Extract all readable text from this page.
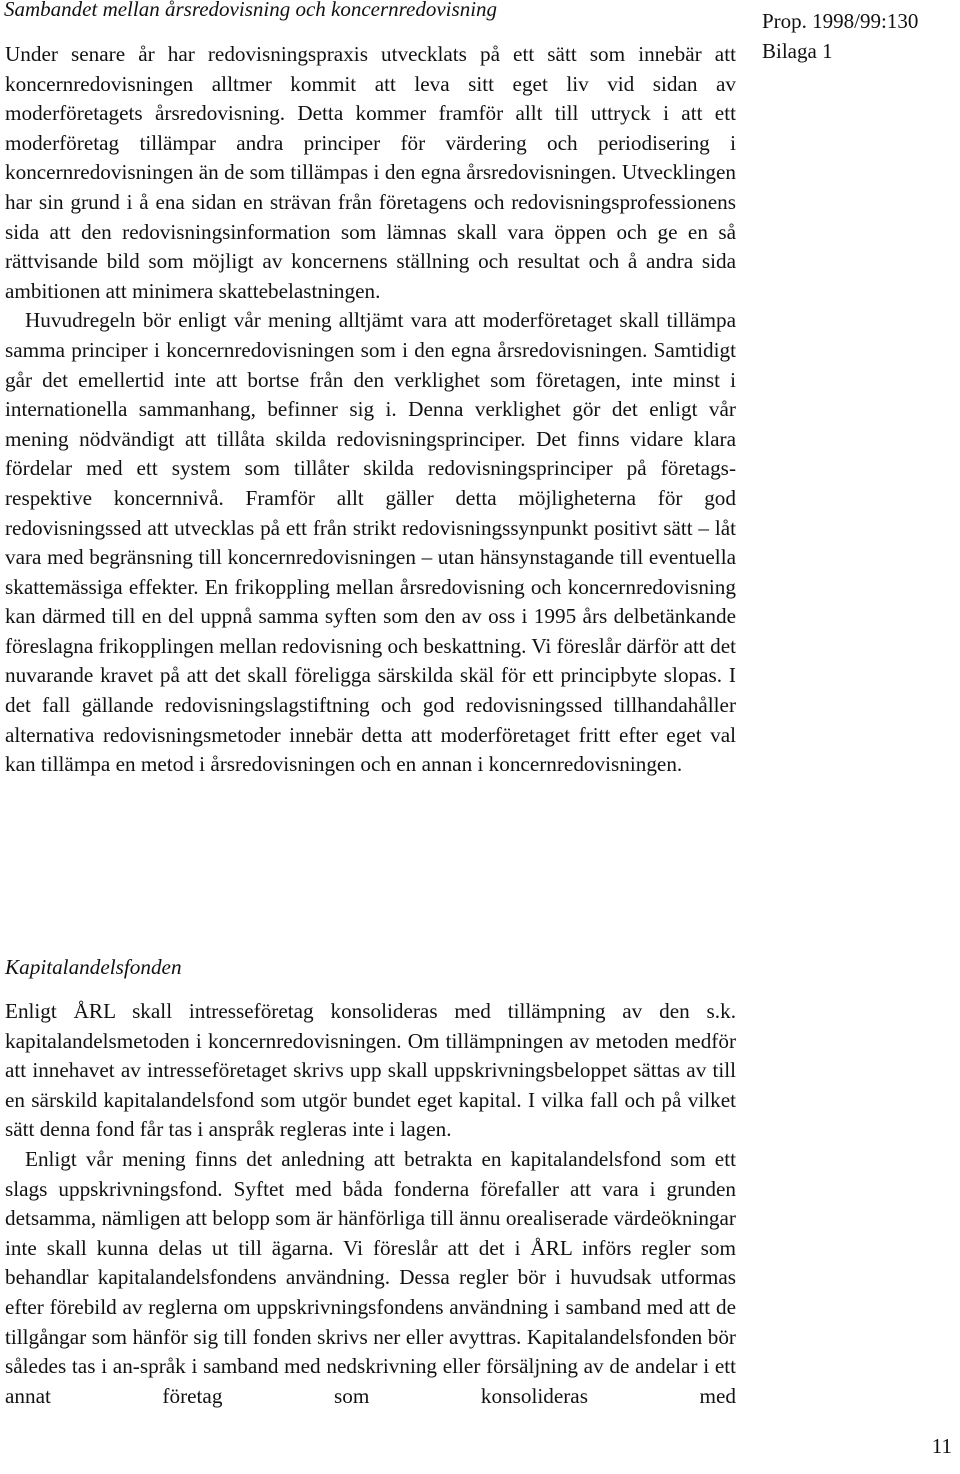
Sambandet mellan årsredovisning och koncernredovisning	Prop. 1998/99:130
Bilaga 1

Under senare år har redovisningspraxis utvecklats på ett sätt som innebär att koncernredovisningen alltmer kommit att leva sitt eget liv vid sidan av moderföretagets årsredovisning. Detta kommer framför allt till uttryck i att ett moderföretag tillämpar andra principer för värdering och periodisering i koncernredovisningen än de som tillämpas i den egna årsredovisningen. Utvecklingen har sin grund i å ena sidan en strävan från företagens och redovisningsprofessionens sida att den redovisningsinformation som lämnas skall vara öppen och ge en så rättvisande bild som möjligt av koncernens ställning och resultat och å andra sida ambitionen att minimera skattebelastningen.

Huvudregeln bör enligt vår mening alltjämt vara att moderföretaget skall tillämpa samma principer i koncernredovisningen som i den egna årsredovisningen. Samtidigt går det emellertid inte att bortse från den verklighet som företagen, inte minst i internationella sammanhang, befinner sig i. Denna verklighet gör det enligt vår mening nödvändigt att tillåta skilda redovisningsprinciper. Det finns vidare klara fördelar med ett system som tillåter skilda redovisningsprinciper på företagsrespektive koncernnivå. Framför allt gäller detta möjligheterna för god redovisningssed att utvecklas på ett från strikt redovisningssynpunkt positivt sätt – låt vara med begränsning till koncernredovisningen – utan hänsynstagande till eventuella skattemässiga effekter. En frikoppling mellan årsredovisning och koncernredovisning kan därmed till en del uppnå samma syften som den av oss i 1995 års delbetänkande föreslagna frikopplingen mellan redovisning och beskattning. Vi föreslår därför att det nuvarande kravet på att det skall föreligga särskilda skäl för ett principbyte slopas. I det fall gällande redovisningslagstiftning och god redovisningssed tillhandahåller alternativa redovisningsmetoder innebär detta att moderföretaget fritt efter eget val kan tillämpa en metod i årsredovisningen och en annan i koncernredovisningen.

Kapitalandelsfonden

Enligt ÅRL skall intresseföretag konsolideras med tillämpning av den s.k. kapitalandelsmetoden i koncernredovisningen. Om tillämpningen av metoden medför att innehavet av intresseföretaget skrivs upp skall uppskrivningsbeloppet sättas av till en särskild kapitalandelsfond som utgör bundet eget kapital. I vilka fall och på vilket sätt denna fond får tas i anspråk regleras inte i lagen.

Enligt vår mening finns det anledning att betrakta en kapitalandelsfond som ett slags uppskrivningsfond. Syftet med båda fonderna förefaller att vara i grunden detsamma, nämligen att belopp som är hänförliga till ännu orealiserade värdeökningar inte skall kunna delas ut till ägarna. Vi föreslår att det i ÅRL införs regler som behandlar kapitalandelsfondens användning. Dessa regler bör i huvudsak utformas efter förebild av reglerna om uppskrivningsfondens användning i samband med att de tillgångar som hänför sig till fonden skrivs ner eller avyttras. Kapitalandelsfonden bör således tas i an-språk i samband med nedskrivning eller försäljning av de andelar i ett annat företag som konsolideras med

11
